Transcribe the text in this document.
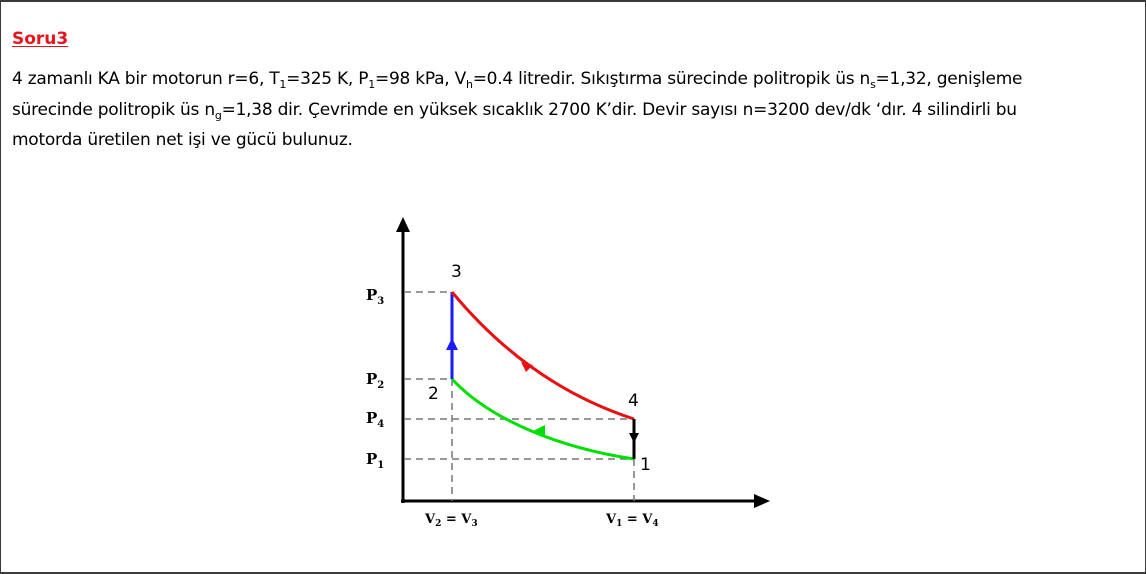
Soru3
4 zamanlı KA bir motorun r=6, $T_1=325$ K, $P_1=98$ kPa, $V_h=0.4$ litredir. Sıkıştırma sürecinde politropik üs $n_s=1,32$, genişleme
sürecinde politropik üs $n_g=1,38$ dir. Çevrimde en yüksek sıcaklık 2700 K’dir. Devir sayısı n=3200 dev/dk ‘dır. 4 silindirli bu
motorda üretilen net işi ve gücü bulunuz.
3
2	4
1
$P_3$
$P_2$
$P_4$
$P_1$
$V_2 = V_3$	$V_1 = V_4$
